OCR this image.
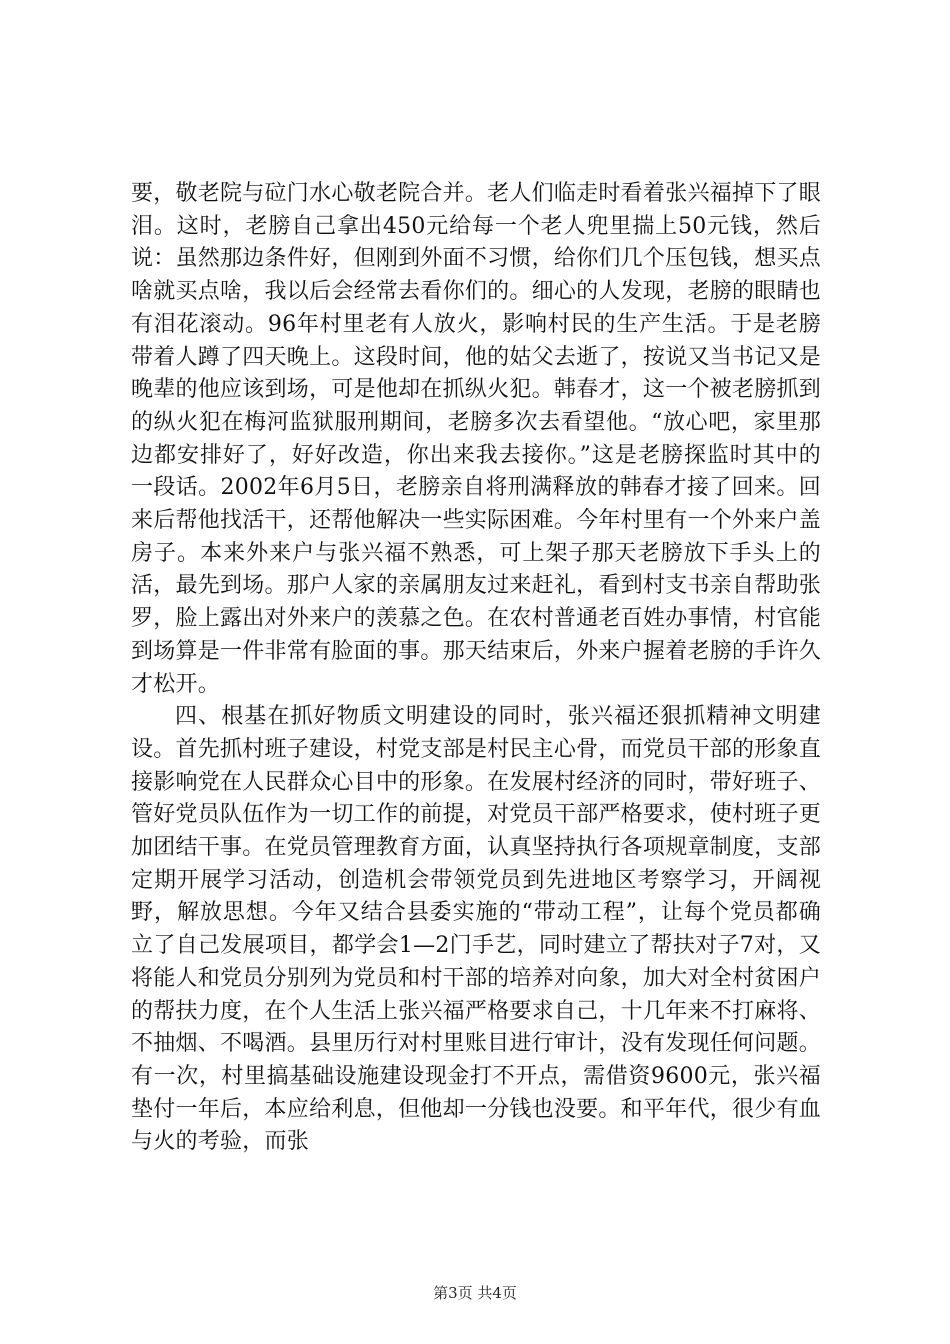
要，敬老院与砬门水心敬老院合并。老人们临走时看着张兴福掉下了眼泪。这时，老膀自己拿出450元给每一个老人兜里揣上50元钱，然后说：虽然那边条件好，但刚到外面不习惯，给你们几个压包钱，想买点啥就买点啥，我以后会经常去看你们的。细心的人发现，老膀的眼睛也有泪花滚动。96年村里老有人放火，影响村民的生产生活。于是老膀带着人蹲了四天晚上。这段时间，他的姑父去逝了，按说又当书记又是晚辈的他应该到场，可是他却在抓纵火犯。韩春才，这一个被老膀抓到的纵火犯在梅河监狱服刑期间，老膀多次去看望他。“放心吧，家里那边都安排好了，好好改造，你出来我去接你。”这是老膀探监时其中的一段话。2002年6月5日，老膀亲自将刑满释放的韩春才接了回来。回来后帮他找活干，还帮他解决一些实际困难。今年村里有一个外来户盖房子。本来外来户与张兴福不熟悉，可上架子那天老膀放下手头上的活，最先到场。那户人家的亲属朋友过来赶礼，看到村支书亲自帮助张罗，脸上露出对外来户的羡慕之色。在农村普通老百姓办事情，村官能到场算是一件非常有脸面的事。那天结束后，外来户握着老膀的手许久才松开。

四、根基在抓好物质文明建设的同时，张兴福还狠抓精神文明建设。首先抓村班子建设，村党支部是村民主心骨，而党员干部的形象直接影响党在人民群众心目中的形象。在发展村经济的同时，带好班子、管好党员队伍作为一切工作的前提，对党员干部严格要求，使村班子更加团结干事。在党员管理教育方面，认真坚持执行各项规章制度，支部定期开展学习活动，创造机会带领党员到先进地区考察学习，开阔视野，解放思想。今年又结合县委实施的“带动工程”，让每个党员都确立了自己发展项目，都学会1—2门手艺，同时建立了帮扶对子7对，又将能人和党员分别列为党员和村干部的培养对向象，加大对全村贫困户的帮扶力度，在个人生活上张兴福严格要求自己，十几年来不打麻将、不抽烟、不喝酒。县里历行对村里账目进行审计，没有发现任何问题。有一次，村里搞基础设施建设现金打不开点，需借资9600元，张兴福垫付一年后，本应给利息，但他却一分钱也没要。和平年代，很少有血与火的考验，而张

第3页 共4页
